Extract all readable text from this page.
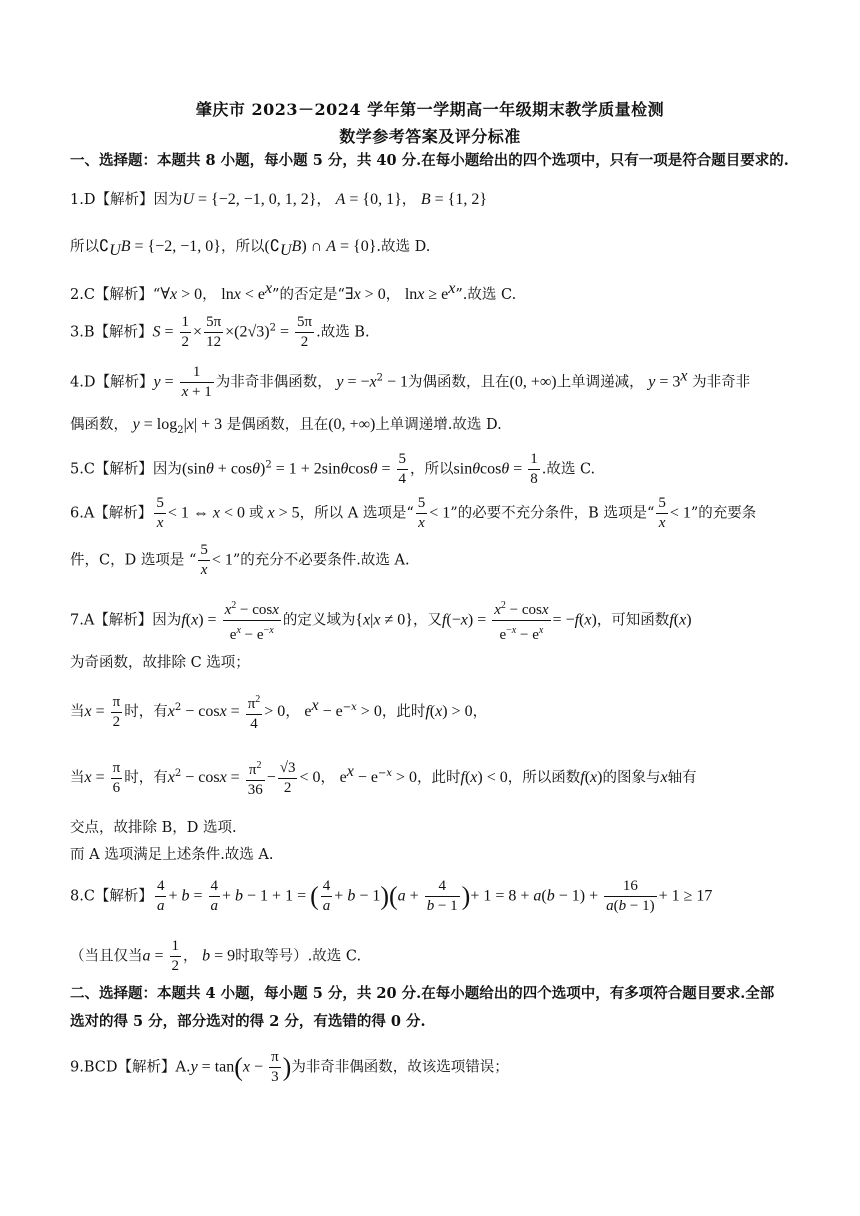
肇庆市 2023－2024 学年第一学期高一年级期末教学质量检测
数学参考答案及评分标准
一、选择题：本题共 8 小题，每小题 5 分，共 40 分.在每小题给出的四个选项中，只有一项是符合题目要求的.
1.D【解析】因为U = {−2, −1, 0, 1, 2}， A = {0, 1}， B = {1, 2}
所以$∁_UB = \{-2$, −1, 0}，所以$(∁_UB)$ ∩ A = {0}.故选 D.
2.C【解析】“∀x > 0， $\ln x < e^x$”的否定是“∃x > 0， $\ln x \ge e^x$”.故选 C.
3.B【解析】$S = \frac{1}{2} \times \frac{5\pi}{12} \times(2√3)^2 = \frac{5\pi}{2}$ .故选 B.
4.D【解析】$y = \frac{1}{x + 1}$ 为非奇非偶函数， $y = -x^2 - 1$为偶函数，且在(0, +∞)上单调递减， $y = 3^x$ 为非奇非
偶函数， $y = \log_2|x| + 3$ 是偶函数，且在(0, +∞)上单调递增.故选 D.
5.C【解析】因为$(\sin\theta + \cos\theta)^2 = 1 + 2\sin\theta\cos\theta = \frac{5}{4}$ ，所以$\sin\theta\cos\theta = \frac{1}{8}$ .故选 C.
6.A【解析】 $\frac{5}{x} < 1$ ⇔ x < 0 或 x > 5，所以 A 选项是“ $\frac{5}{x} < 1$”的必要不充分条件，B 选项是“ $\frac{5}{x} < 1$”的充要条
件，C，D 选项是 “ $\frac{5}{x} < 1$”的充分不必要条件.故选 A.
7.A【解析】因为$f(x) = \frac{x^2 - \cos x}{e^x - e^{-x}}$ 的定义域为{x|x ≠ 0}，又$f(-x) = \frac{x^2 - \cos x}{e^{-x} - e^x} = -f(x)$，可知函数f(x)
为奇函数，故排除 C 选项；
当$x = \frac{\pi}{2}$ 时，有$x^2 - \cos x = \frac{\pi^2}{4} > 0$， $e^x - e^{-x} > 0$，此时f(x) > 0，
当$x = \frac{\pi}{6}$ 时，有$x^2 - \cos x = \frac{\pi^2}{36} - \frac{√3}{2} < 0$， $e^x - e^{-x} > 0$，此时f(x) < 0，所以函数f(x)的图象与x轴有
交点，故排除 B，D 选项.
而 A 选项满足上述条件.故选 A.
8.C【解析】 $\frac{4}{a} + b = \frac{4}{a} + b - 1 + 1$ = ( $\frac{4}{a} + b - 1)(a + \frac{4}{b - 1}$ )+ $1 = 8 + a(b - 1) + \frac{16}{a(b - 1)} + 1 \ge 17$
（当且仅当$a = \frac{1}{2}$ ， b = 9时取等号）.故选 C.
二、选择题：本题共 4 小题，每小题 5 分，共 20 分.在每小题给出的四个选项中，有多项符合题目要求.全部
选对的得 5 分，部分选对的得 2 分，有选错的得 0 分.
9.BCD【解析】$A.y = \tan(x - \frac{\pi}{3}$ )为非奇非偶函数，故该选项错误；
